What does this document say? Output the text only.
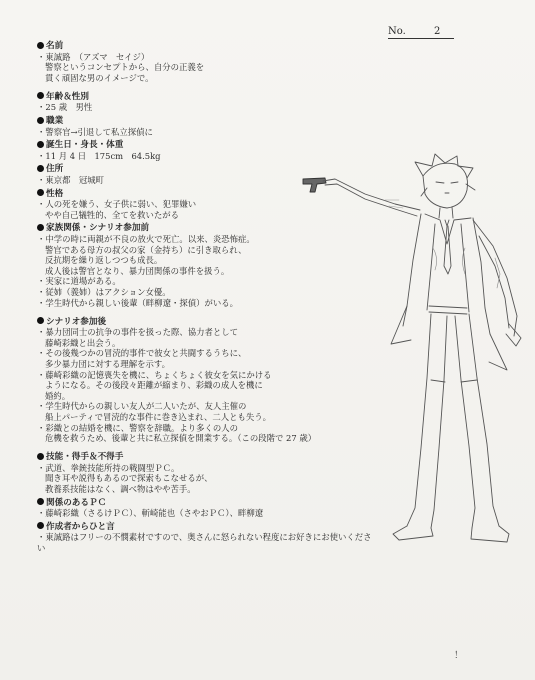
No.	2
名前
・東誠路　（アズマ　セイジ）
警察というコンセプトから、自分の正義を
貫く頑固な男のイメージで。
年齢＆性別
・25 歳　男性
職業
・警察官→引退して私立探偵に
誕生日・身長・体重
・11 月 4 日　175cm　64.5kg
住所
・東京都　冠城町
性格
・人の死を嫌う、女子供に弱い、犯罪嫌い
やや自己犠牲的、全てを救いたがる
家族関係・シナリオ参加前
・中学の時に両親が不良の放火で死亡。以来、炎恐怖症。
警官である母方の叔父の家（金持ち）に引き取られ、
反抗期を繰り返しつつも成長。
成人後は警官となり、暴力団関係の事件を扱う。
・実家に道場がある。
・従姉（義姉）はアクション女優。
・学生時代から親しい後輩（畔柳遼・探偵）がいる。
シナリオ参加後
・暴力団同士の抗争の事件を扱った際、協力者として
藤崎彩織と出会う。
・その後幾つかの冒涜的事件で彼女と共闘するうちに、
多少暴力団に対する理解を示す。
・藤崎彩織の記憶喪失を機に、ちょくちょく彼女を気にかける
ようになる。その後段々距離が縮まり、彩織の成人を機に
婚約。
・学生時代からの親しい友人が二人いたが、友人主催の
船上パーティで冒涜的な事件に巻き込まれ、二人とも失う。
・彩織との結婚を機に、警察を辞職。より多くの人の
危機を救うため、後輩と共に私立探偵を開業する。（この段階で 27 歳）
技能・得手＆不得手
・武道、拳銃技能所持の戦闘型ＰＣ。
聞き耳や説得もあるので探索もこなせるが、
教養系技能はなく、調べ物はやや苦手。
関係のあるＰＣ
・藤崎彩織（さるけＰＣ）、斬崎能也（さやおＰＣ）、畔柳遼
作成者からひと言
・東誠路はフリーの不憫素材ですので、奥さんに怒られない程度にお好きにお使いくださ
い
！
